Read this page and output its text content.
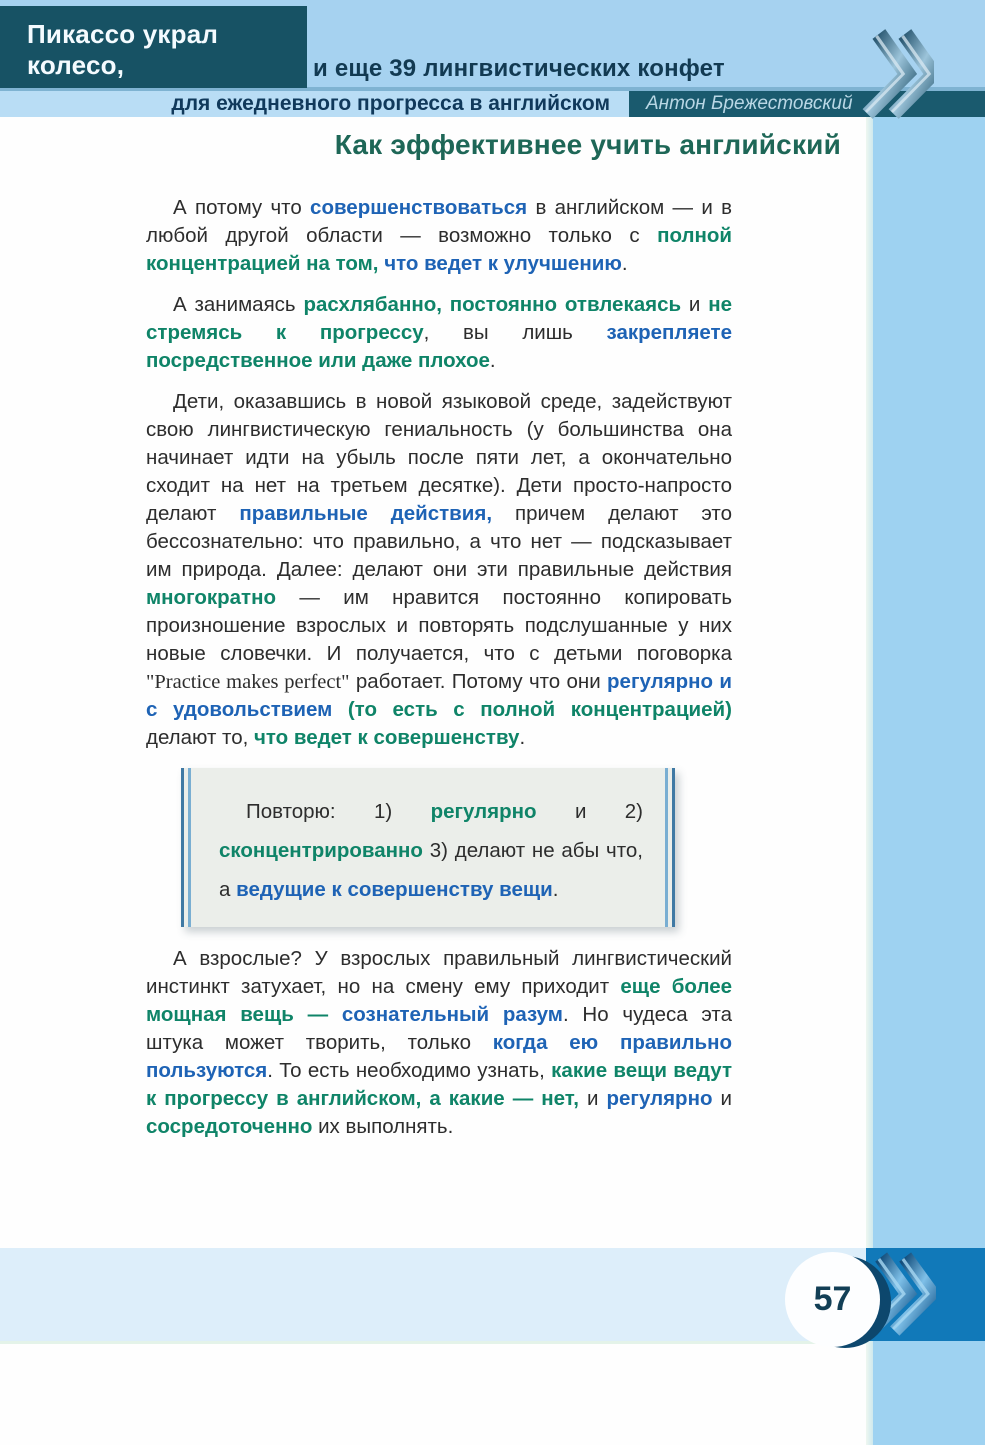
Пикассо украл колесо,	и еще 39 лингвистических конфет
для ежедневного прогресса в английском	Антон Брежестовский
Как эффективнее учить английский

А потому что совершенствоваться в английском — и в любой другой области — возможно только с полной концентрацией на том, что ведет к улучшению.

А занимаясь расхлябанно, постоянно отвлекаясь и не стремясь к прогрессу, вы лишь закрепляете посредственное или даже плохое.

Дети, оказавшись в новой языковой среде, задействуют свою лингвистическую гениальность (у большинства она начинает идти на убыль после пяти лет, а окончательно сходит на нет на третьем десятке). Дети просто-напросто делают правильные действия, причем делают это бессознательно: что правильно, а что нет — подсказывает им природа. Далее: делают они эти правильные действия многократно — им нравится постоянно копировать произношение взрослых и повторять подслушанные у них новые словечки. И получается, что с детьми поговорка "Practice makes perfect" работает. Потому что они регулярно и с удовольствием (то есть с полной концентрацией) делают то, что ведет к совершенству.

Повторю: 1) регулярно и 2) сконцентрированно 3) делают не абы что, а ведущие к совершенству вещи.

А взрослые? У взрослых правильный лингвистический инстинкт затухает, но на смену ему приходит еще более мощная вещь — сознательный разум. Но чудеса эта штука может творить, только когда ею правильно пользуются. То есть необходимо узнать, какие вещи ведут к прогрессу в английском, а какие — нет, и регулярно и сосредоточенно их выполнять.

57
